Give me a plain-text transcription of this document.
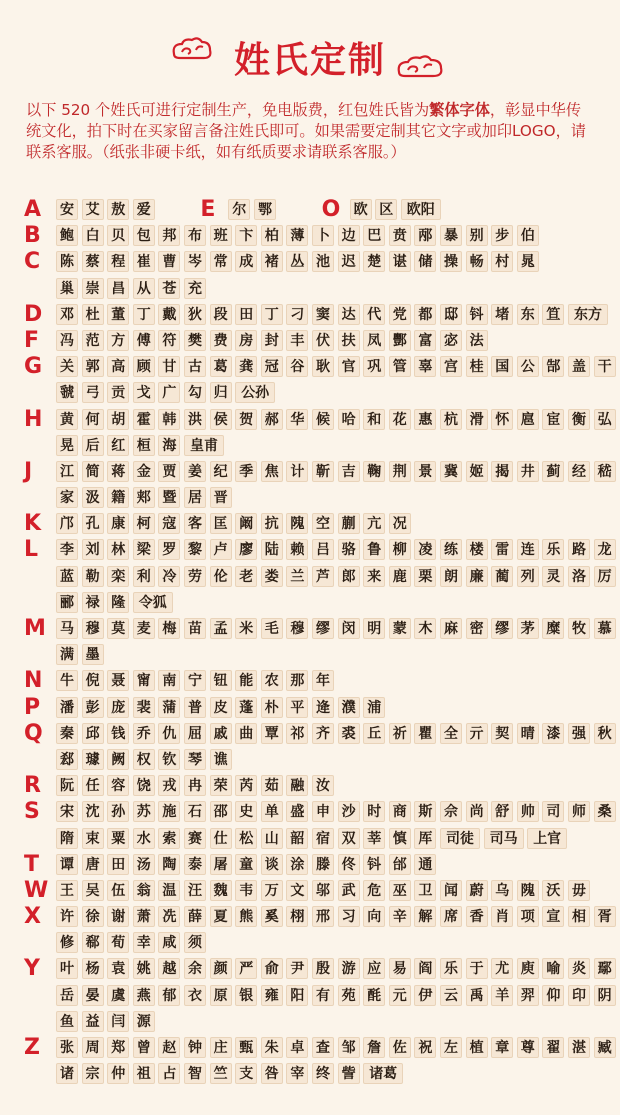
姓氏定制

以下 520 个姓氏可进行定制生产，免电版费，红包姓氏皆为繁体字体，彰显中华传统文化，拍下时在买家留言备注姓氏即可。如果需要定制其它文字或加印LOGO，请联系客服。（纸张非硬卡纸，如有纸质要求请联系客服。）

A 安 艾 敖 爱 E 尔 鄂 O 欧 区 欧阳
B 鲍 白 贝 包 邦 布 班 卞 柏 薄 卜 边 巴 贲 邴 暴 别 步 伯
C 陈 蔡 程 崔 曹 岑 常 成 褚 丛 池 迟 楚 谌 储 操 畅 村 晁
巢 崇 昌 从 苍 充
D 邓 杜 董 丁 戴 狄 段 田 丁 刁 窦 达 代 党 都 邸 钭 堵 东 笪 东方
F 冯 范 方 傅 符 樊 费 房 封 丰 伏 扶 凤 酆 富 宓 法
G 关 郭 高 顾 甘 古 葛 龚 冠 谷 耿 官 巩 管 辜 宫 桂 国 公 郜 盖 干
虢 弓 贡 戈 广 勾 归 公孙
H 黄 何 胡 霍 韩 洪 侯 贺 郝 华 候 哈 和 花 惠 杭 滑 怀 扈 宦 衡 弘
晃 后 红 桓 海 皇甫
J 江 简 蒋 金 贾 姜 纪 季 焦 计 靳 吉 鞠 荆 景 冀 姬 揭 井 蓟 经 嵇
家 汲 籍 郏 暨 居 晋
K 邝 孔 康 柯 寇 客 匡 阚 抗 隗 空 蒯 亢 况
L 李 刘 林 梁 罗 黎 卢 廖 陆 赖 吕 骆 鲁 柳 凌 练 楼 雷 连 乐 路 龙
蓝 勒 栾 利 冷 劳 伦 老 娄 兰 芦 郎 来 鹿 栗 朗 廉 蔺 列 灵 洛 厉
郦 禄 隆 令狐
M 马 穆 莫 麦 梅 苗 孟 米 毛 穆 缪 闵 明 蒙 木 麻 密 缪 茅 糜 牧 慕
满 墨
N 牛 倪 聂 甯 南 宁 钮 能 农 那 年
P 潘 彭 庞 裴 蒲 普 皮 蓬 朴 平 逄 濮 浦
Q 秦 邱 钱 乔 仇 屈 戚 曲 覃 祁 齐 裘 丘 祈 瞿 全 亓 契 晴 漆 强 秋
郄 璩 阙 权 钦 琴 谯
R 阮 任 容 饶 戎 冉 荣 芮 茹 融 汝
S 宋 沈 孙 苏 施 石 邵 史 单 盛 申 沙 时 商 斯 佘 尚 舒 帅 司 师 桑
隋 束 粟 水 索 赛 仕 松 山 韶 宿 双 莘 慎 厍 司徒	司马	上官
T 谭 唐 田 汤 陶 泰 屠 童 谈 涂 滕 佟 钭 邰 通
W 王 吴 伍 翁 温 汪 魏 韦 万 文 邬 武 危 巫 卫 闻 蔚 乌 隗 沃 毋
X 许 徐 谢 萧 冼 薛 夏 熊 奚 栩 邢 习 向 辛 解 席 香 肖 项 宣 相 胥
修 郗 荀 幸 咸 须
Y 叶 杨 袁 姚 越 余 颜 严 俞 尹 殷 游 应 易 阎 乐 于 尤 庾 喻 炎 鄢
岳 晏 虞 燕 郁 衣 原 银 雍 阳 有 苑 酕 元 伊 云 禹 羊 羿 仰 印 阴
鱼 益 闫 源
Z 张 周 郑 曾 赵 钟 庄 甄 朱 卓 查 邹 詹 佐 祝 左 植 章 尊 翟 湛 臧
诸 宗 仲 祖 占 智 竺 支 咎 宰 终 訾 诸葛
